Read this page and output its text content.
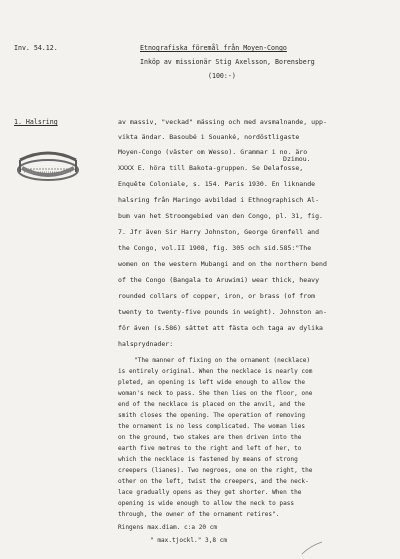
Inv. 54.12.	Etnografiska föremål från Moyen-Congo
Inköp av missionär Stig Axelsson, Borensberg
(100:-)
1. Halsring	av massiv, "veckad" mässing och med avsmalnande, upp-
vikta ändar. Basoubé i Souanké, nordöstligaste
Moyen-Congo (väster om Wesso). Grammar i no. äro
Dzimou.
XXXX E. höra till Bakota-gruppen. Se Delafosse,
Enquête Coloniale, s. 154. Paris 1930. En liknande
halsring från Maringo avbildad i Ethnographisch Al-
bum van het Stroomgebied van den Congo, pl. 31, fig.
7. Jfr även Sir Harry Johnston, George Grenfell and
the Congo, vol.II 1908, fig. 305 och sid.585:"The
women on the western Mubangi and on the northern bend
of the Congo (Bangala to Aruwimi) wear thick, heavy
rounded collars of copper, iron, or brass (of from
twenty to twenty-five pounds in weight). Johnston an-
för även (s.586) sättet att fästa och taga av dylika
halsprydnader:
"The manner of fixing on the ornament (necklace)
is entirely original. When the necklace is nearly com
pleted, an opening is left wide enough to allow the
woman's neck to pass. She then lies on the floor, one
end of the necklace is placed on the anvil, and the
smith closes the opening. The operation of removing
the ornament is no less complicated. The woman lies
on the ground, two stakes are then driven into the
earth five metres to the right and left of her, to
which the necklace is fastened by means of strong
creepers (lianes). Two negroes, one on the right, the
other on the left, twist the creepers, and the neck-
lace gradually opens as they get shorter. When the
opening is wide enough to allow the neck to pass
through, the owner of the ornament retires".
Ringens max.diam. c:a 20 cm
" max.tjockl." 3,8 cm
